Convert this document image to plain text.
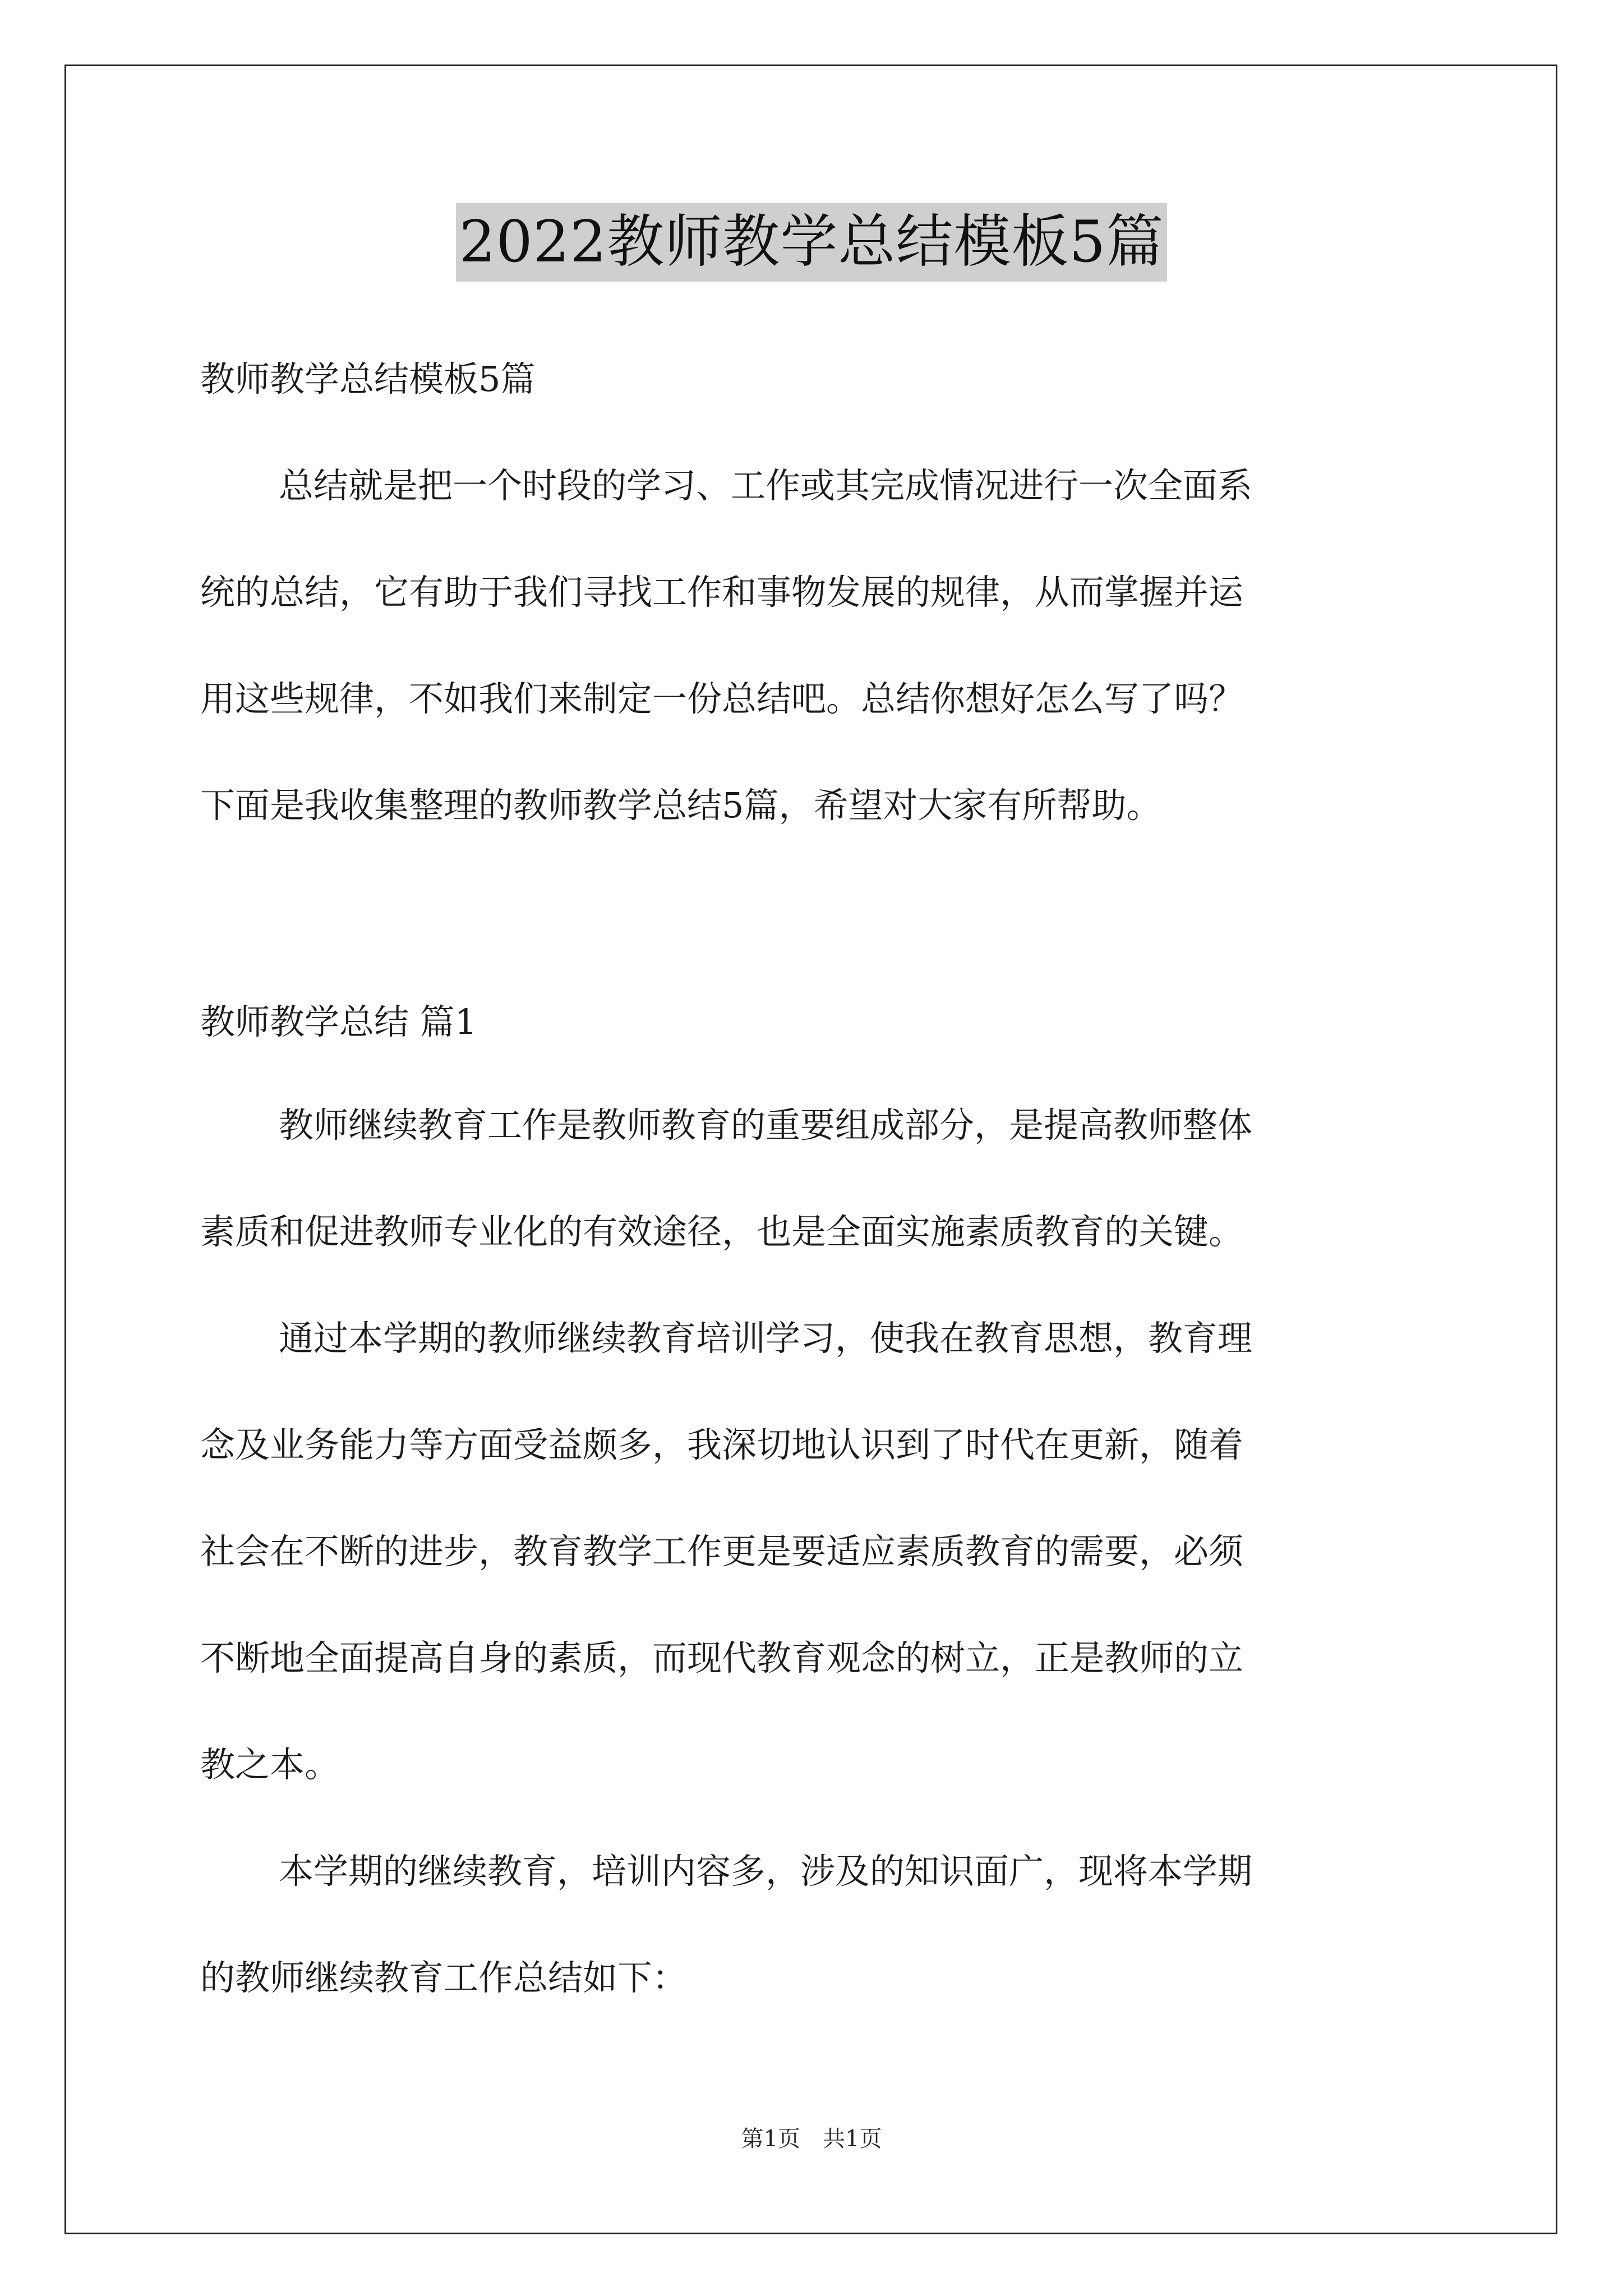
2022教师教学总结模板5篇
教师教学总结模板5篇
总结就是把一个时段的学习、工作或其完成情况进行一次全面系
统的总结，它有助于我们寻找工作和事物发展的规律，从而掌握并运
用这些规律，不如我们来制定一份总结吧。总结你想好怎么写了吗？
下面是我收集整理的教师教学总结5篇，希望对大家有所帮助。
教师教学总结 篇1
教师继续教育工作是教师教育的重要组成部分，是提高教师整体
素质和促进教师专业化的有效途径，也是全面实施素质教育的关键。
通过本学期的教师继续教育培训学习，使我在教育思想，教育理
念及业务能力等方面受益颇多，我深切地认识到了时代在更新，随着
社会在不断的进步，教育教学工作更是要适应素质教育的需要，必须
不断地全面提高自身的素质，而现代教育观念的树立，正是教师的立
教之本。
本学期的继续教育，培训内容多，涉及的知识面广，现将本学期
的教师继续教育工作总结如下：
第1页　共1页
